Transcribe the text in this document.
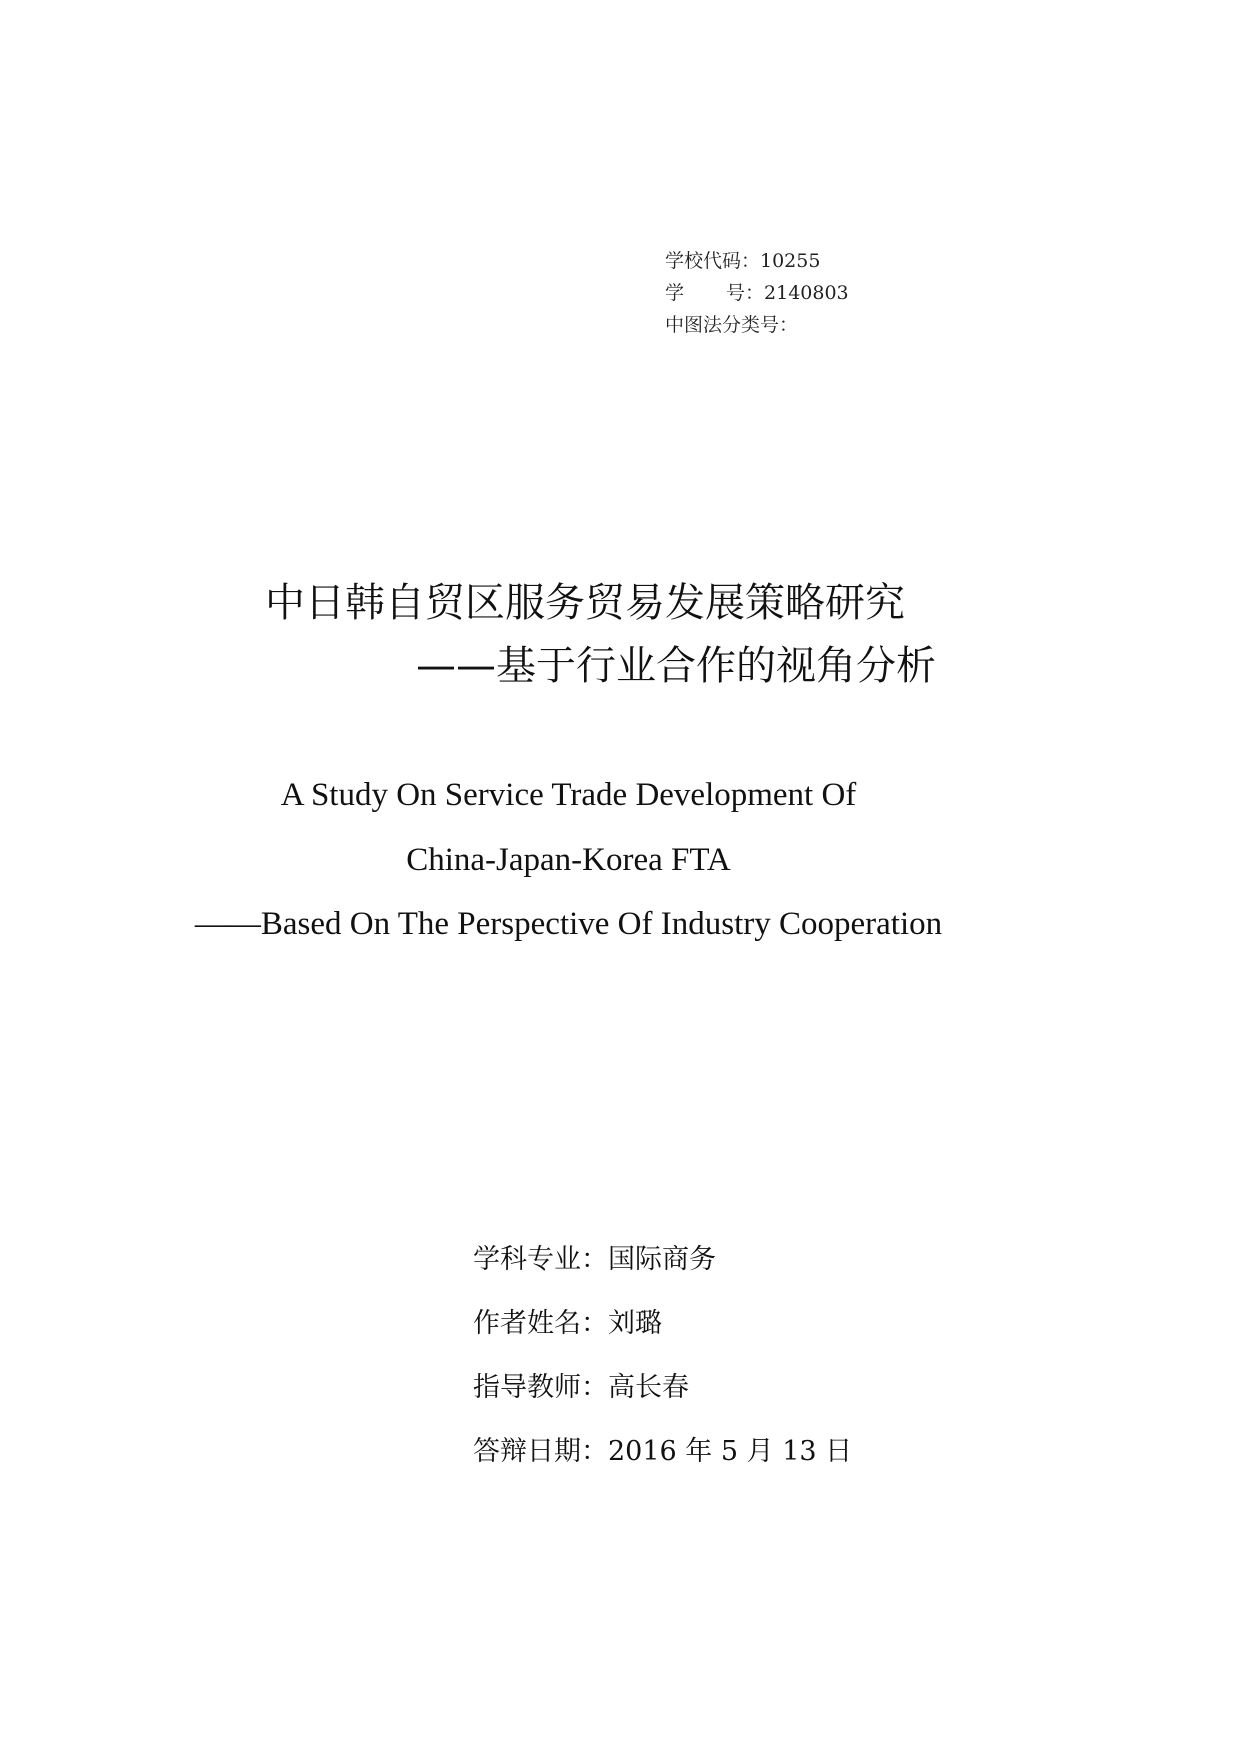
学校代码：10255
学 号：2140803
中图法分类号：
中日韩自贸区服务贸易发展策略研究
——基于行业合作的视角分析
A Study On Service Trade Development Of
China-Japan-Korea FTA
——Based On The Perspective Of Industry Cooperation
学科专业：国际商务
作者姓名：刘璐
指导教师：高长春
答辩日期：2016 年 5 月 13 日
